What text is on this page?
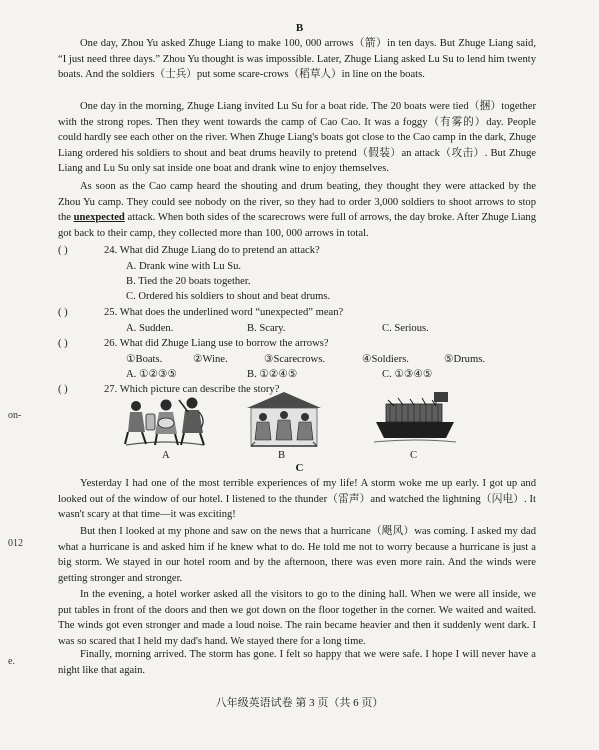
on-
012
e.
B

One day, Zhou Yu asked Zhuge Liang to make 100, 000 arrows（箭）in ten days. But Zhuge Liang said, “I just need three days.” Zhou Yu thought is was impossible. Later, Zhuge Liang asked Lu Su to lend him twenty boats. And the soldiers（士兵）put some scare-crows（稻草人）in line on the boats.

One day in the morning, Zhuge Liang invited Lu Su for a boat ride. The 20 boats were tied（捆）together with the strong ropes. Then they went towards the camp of Cao Cao. It was a foggy（有雾的）day. People could hardly see each other on the river. When Zhuge Liang's boats got close to the Cao camp in the dark, Zhuge Liang ordered his soldiers to shout and beat drums heavily to pretend（假装）an attack（攻击）. But Zhuge Liang and Lu Su only sat inside one boat and drank wine to enjoy themselves.

As soon as the Cao camp heard the shouting and drum beating, they thought they were attacked by the Zhou Yu camp. They could see nobody on the river, so they had to order 3,000 soldiers to shoot arrows to stop the unexpected attack. When both sides of the scarecrows were full of arrows, the day broke. After Zhuge Liang got back to their camp, they collected more than 100, 000 arrows in total.

( )	24. What did Zhuge Liang do to pretend an attack?
A. Drank wine with Lu Su.
B. Tied the 20 boats together.
C. Ordered his soldiers to shout and beat drums.
( )	25. What does the underlined word “unexpected” mean?
A. Sudden.	B. Scary.	C. Serious.
( )	26. What did Zhuge Liang use to borrow the arrows?
①Boats.	②Wine.	③Scarecrows.	④Soldiers.	⑤Drums.
A. ①②③⑤	B. ①②④⑤	C. ①③④⑤
( )	27. Which picture can describe the story?
A	B	C
C

Yesterday I had one of the most terrible experiences of my life! A storm woke me up early. I got up and looked out of the window of our hotel. I listened to the thunder（雷声）and watched the lightning（闪电）. It wasn't scary at that time—it was exciting!

But then I looked at my phone and saw on the news that a hurricane（飓风）was coming. I asked my dad what a hurricane is and asked him if he knew what to do. He told me not to worry because a hurricane is just a big storm. We stayed in our hotel room and by the afternoon, there was even more rain. And the winds were getting stronger and stronger.

In the evening, a hotel worker asked all the visitors to go to the dining hall. When we were all inside, we put tables in front of the doors and then we got down on the floor together in the corner. We waited and waited. The winds got even stronger and made a loud noise. The rain became heavier and then it suddenly went dark. I was so scared that I held my dad's hand. We stayed there for a long time.

Finally, morning arrived. The storm has gone. I felt so happy that we were safe. I hope I will never have a night like that again.

八年级英语试卷 第 3 页（共 6 页）
